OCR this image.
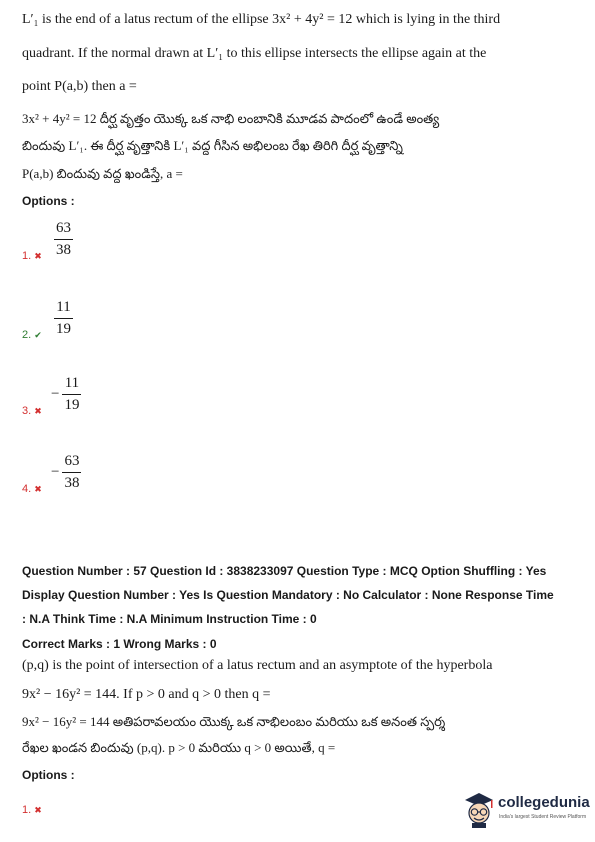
L′₁ is the end of a latus rectum of the ellipse 3x² + 4y² = 12 which is lying in the third
quadrant. If the normal drawn at L′₁ to this ellipse intersects the ellipse again at the
point P(a,b) then a =
3x² + 4y² = 12 దీర్ఘ వృత్తం యొక్క ఒక నాభి లంబానికి మూడవ పాదంలో ఉండే అంత్య
బిందువు L′₁. ఈ దీర్ఘ వృత్తానికి L′₁ వద్ద గీసిన అభిలంబ రేఖ తిరిగి దీర్ఘ వృత్తాన్ని
P(a,b) బిందువు వద్ద ఖండిస్తే, a =
Options :
1. ✖ $\frac{63}{38}$
2. ✔ $\frac{11}{19}$
3. ✖
− $\frac{11}{19}$
4. ✖
− $\frac{63}{38}$
Question Number : 57 Question Id : 3838233097 Question Type : MCQ Option Shuffling : Yes
Display Question Number : Yes Is Question Mandatory : No Calculator : None Response Time
: N.A Think Time : N.A Minimum Instruction Time : 0
Correct Marks : 1 Wrong Marks : 0
(p,q) is the point of intersection of a latus rectum and an asymptote of the hyperbola
9x² − 16y² = 144. If p > 0 and q > 0 then q =
9x² − 16y² = 144 అతిపరావలయం యొక్క ఒక నాభిలంబం మరియు ఒక అనంత స్పర్శ
రేఖల ఖండన బిందువు (p,q). p > 0 మరియు q > 0 అయితే, q =
Options :
1. ✖	collegedunia
India's largest Student Review Platform
